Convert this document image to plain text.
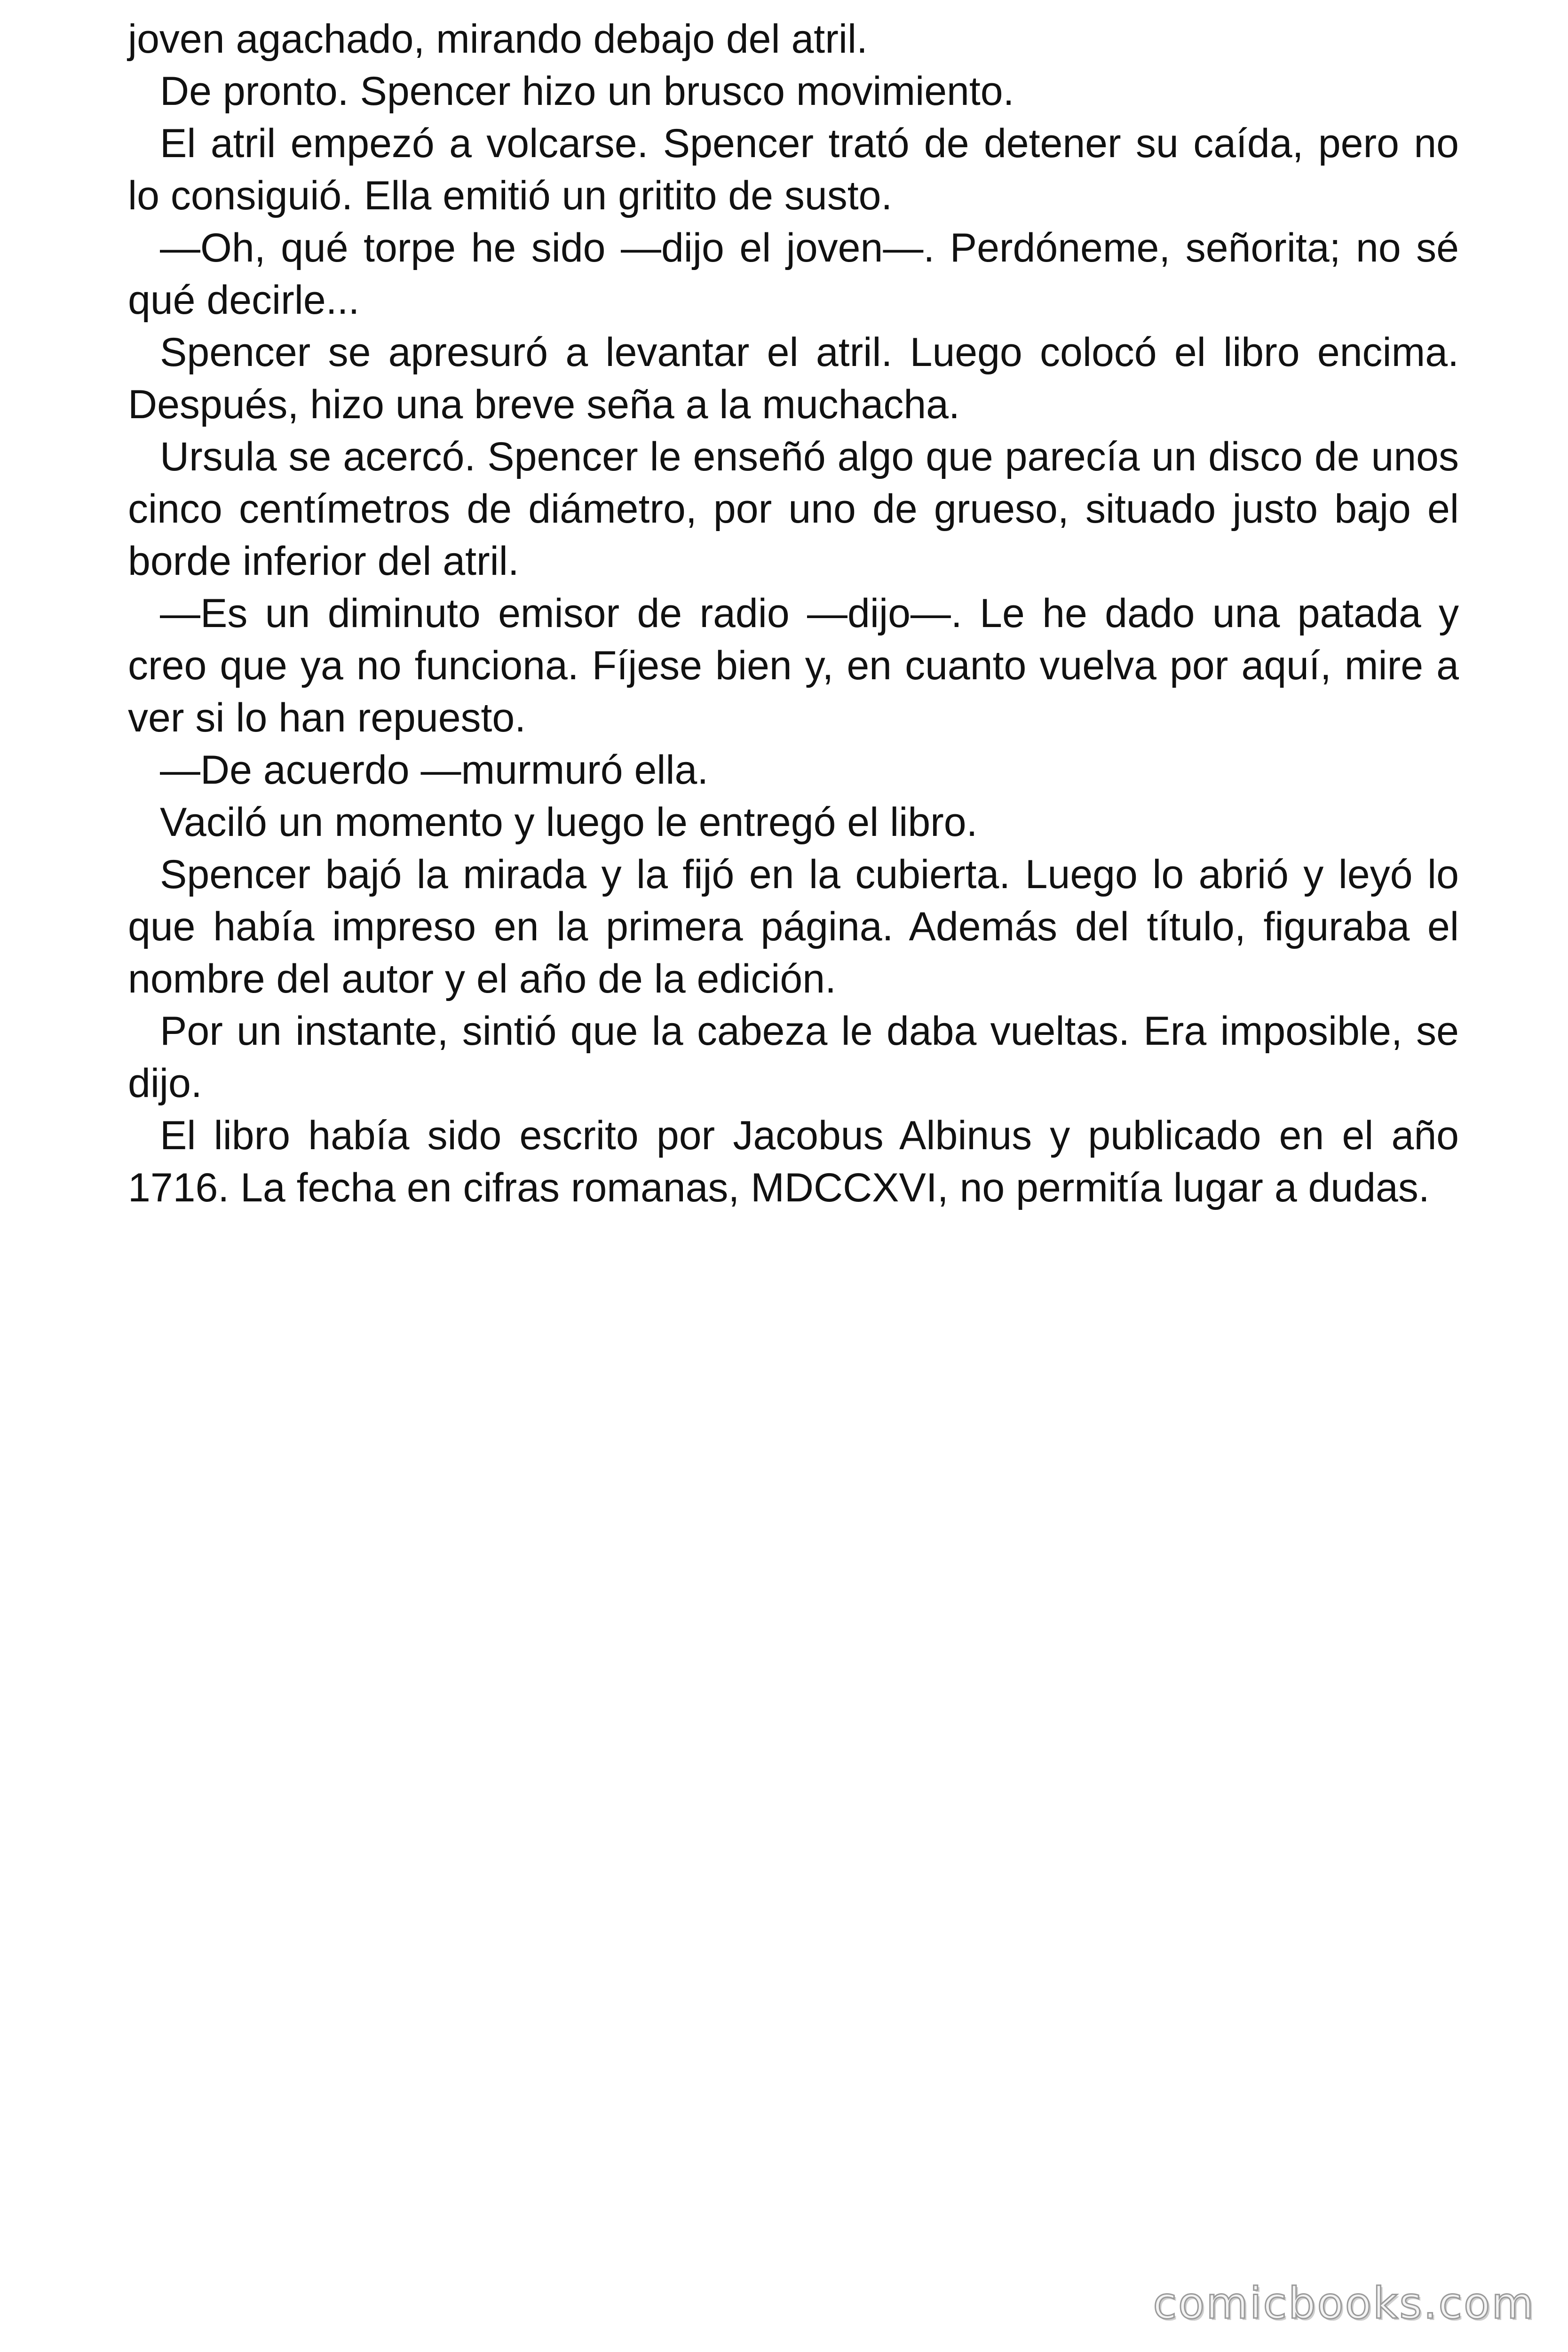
joven agachado, mirando debajo del atril.

De pronto. Spencer hizo un brusco movimiento.

El atril empezó a volcarse. Spencer trató de detener su caída, pero no lo consiguió. Ella emitió un gritito de susto.

—Oh, qué torpe he sido —dijo el joven—. Perdóneme, señorita; no sé qué decirle...

Spencer se apresuró a levantar el atril. Luego colocó el libro encima. Después, hizo una breve seña a la muchacha.

Ursula se acercó. Spencer le enseñó algo que parecía un disco de unos cinco centímetros de diámetro, por uno de grueso, situado justo bajo el borde inferior del atril.

—Es un diminuto emisor de radio —dijo—. Le he dado una patada y creo que ya no funciona. Fíjese bien y, en cuanto vuelva por aquí, mire a ver si lo han repuesto.

—De acuerdo —murmuró ella.

Vaciló un momento y luego le entregó el libro.

Spencer bajó la mirada y la fijó en la cubierta. Luego lo abrió y leyó lo que había impreso en la primera página. Además del título, figuraba el nombre del autor y el año de la edición.

Por un instante, sintió que la cabeza le daba vueltas. Era imposible, se dijo.

El libro había sido escrito por Jacobus Albinus y publicado en el año 1716. La fecha en cifras romanas, MDCCXVI, no permitía lugar a dudas.

comicbooks.com
